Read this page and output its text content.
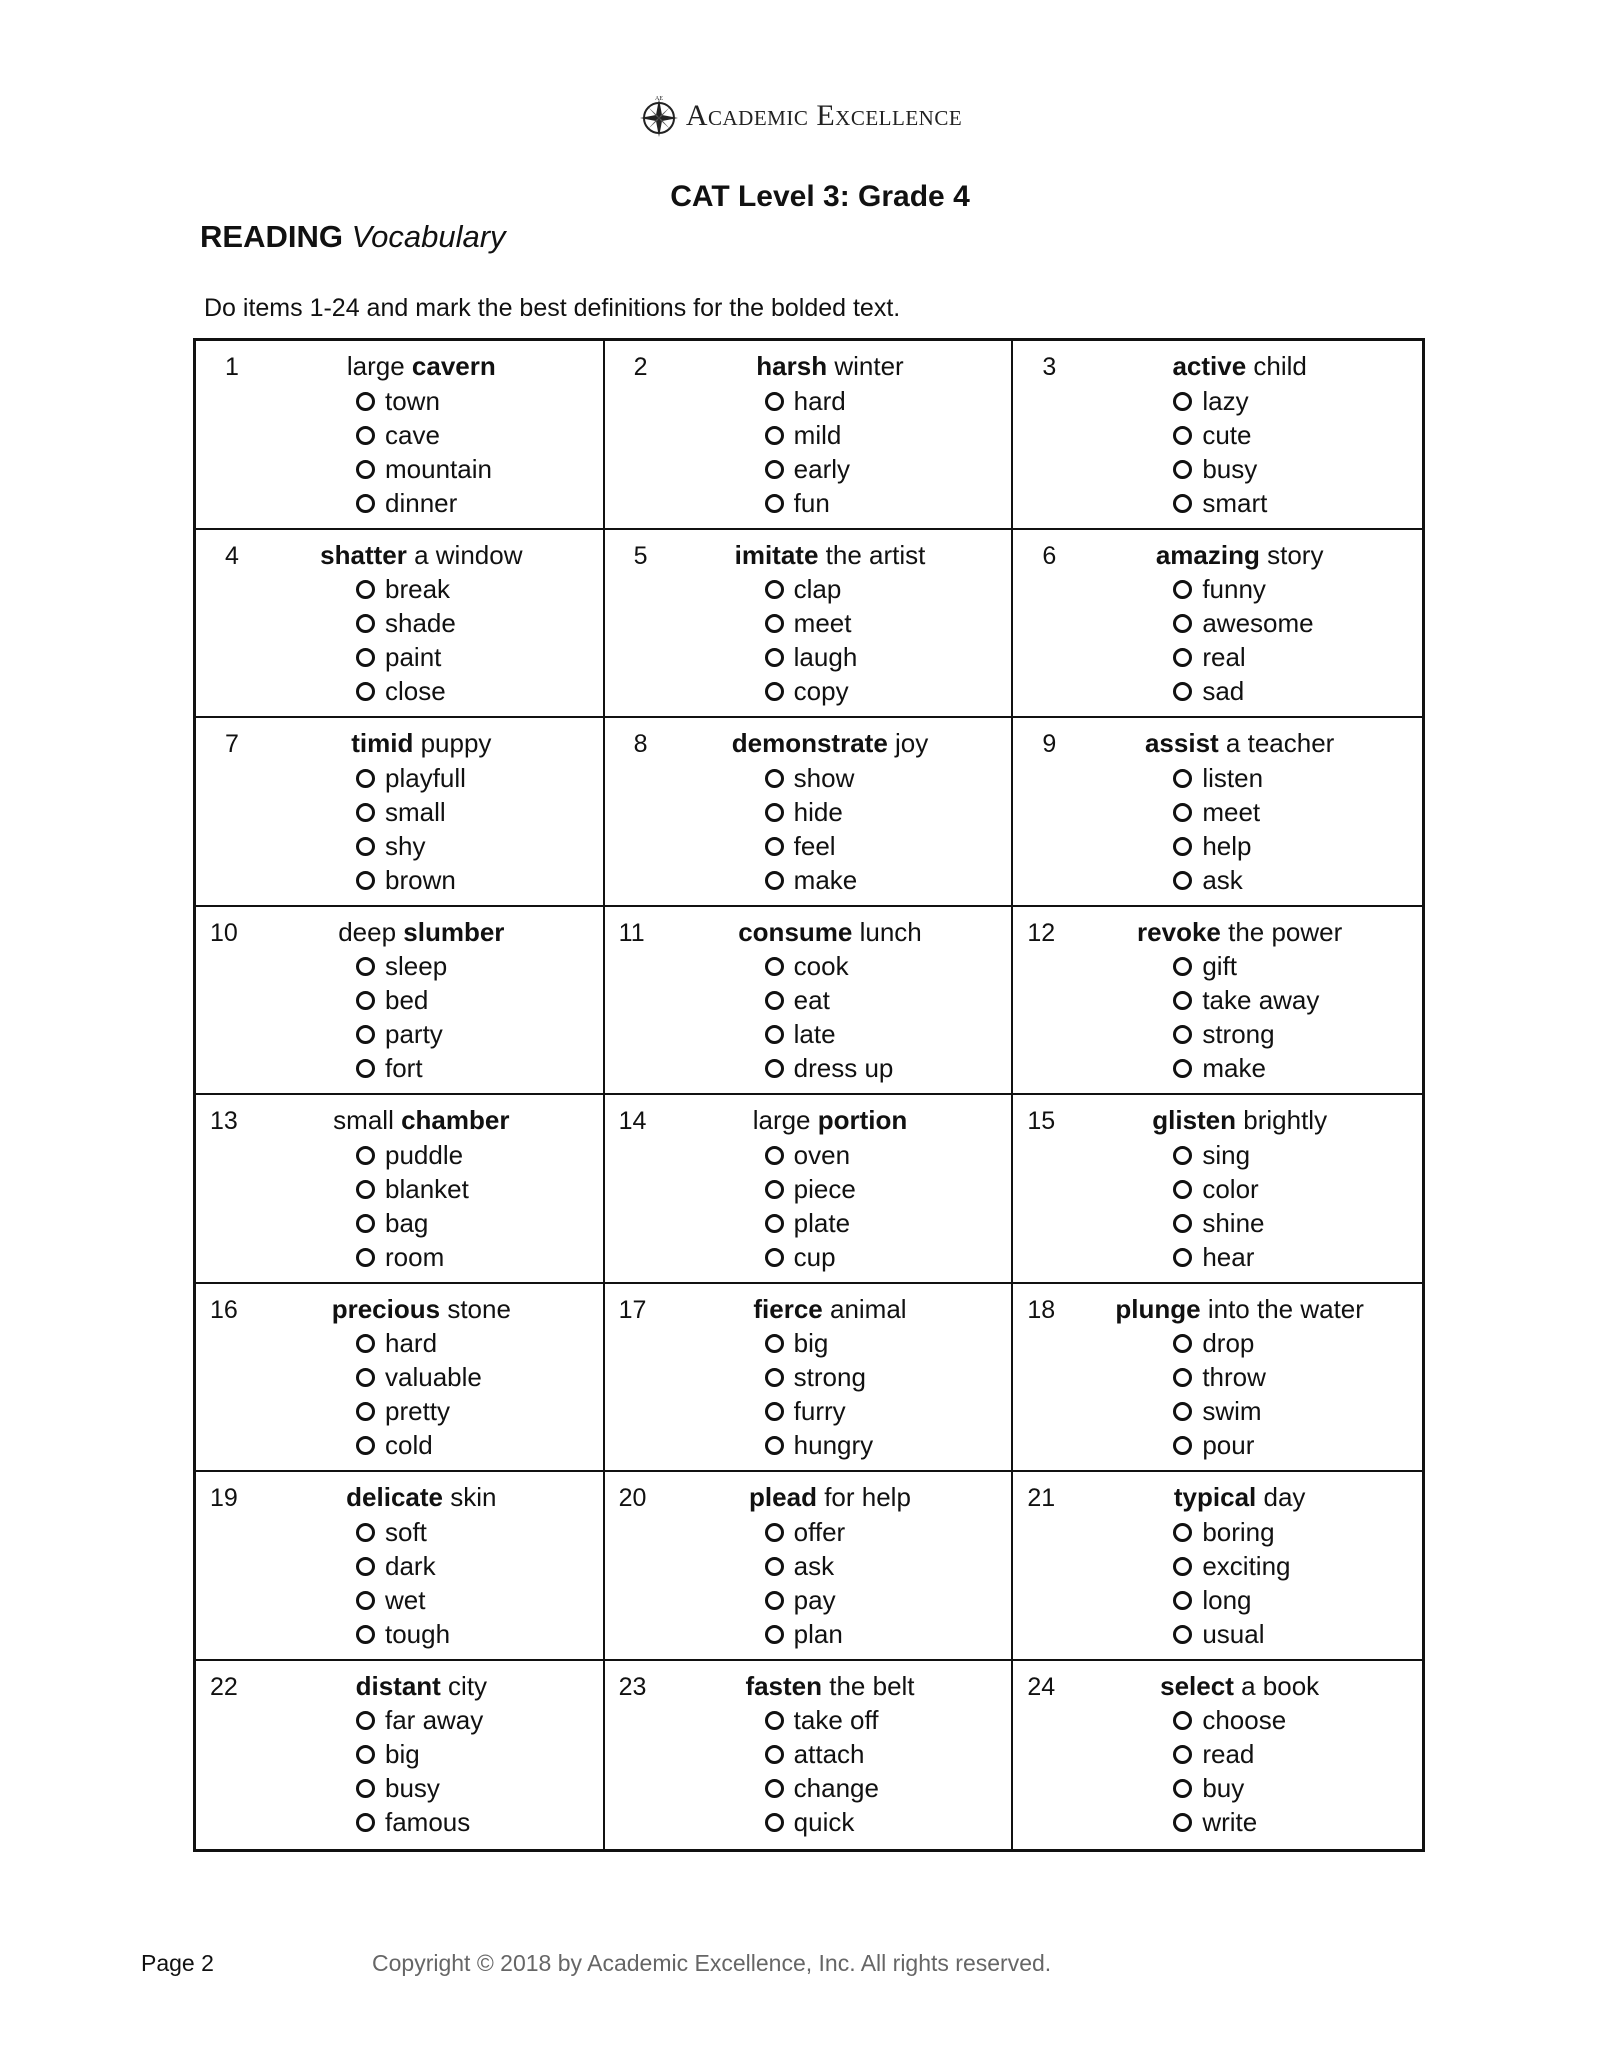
AE Academic Excellence
CAT Level 3: Grade 4
READING Vocabulary
Do items 1-24 and mark the best definitions for the bolded text.
1	large cavern
town
cave
mountain
dinner
2	harsh winter
hard
mild
early
fun
3	active child
lazy
cute
busy
smart
4	shatter a window
break
shade
paint
close
5	imitate the artist
clap
meet
laugh
copy
6	amazing story
funny
awesome
real
sad
7	timid puppy
playfull
small
shy
brown
8	demonstrate joy
show
hide
feel
make
9	assist a teacher
listen
meet
help
ask
10	deep slumber
sleep
bed
party
fort
11	consume lunch
cook
eat
late
dress up
12	revoke the power
gift
take away
strong
make
13	small chamber
puddle
blanket
bag
room
14	large portion
oven
piece
plate
cup
15	glisten brightly
sing
color
shine
hear
16	precious stone
hard
valuable
pretty
cold
17	fierce animal
big
strong
furry
hungry
18	plunge into the water
drop
throw
swim
pour
19	delicate skin
soft
dark
wet
tough
20	plead for help
offer
ask
pay
plan
21	typical day
boring
exciting
long
usual
22	distant city
far away
big
busy
famous
23	fasten the belt
take off
attach
change
quick
24	select a book
choose
read
buy
write
Page 2	Copyright © 2018 by Academic Excellence, Inc. All rights reserved.
